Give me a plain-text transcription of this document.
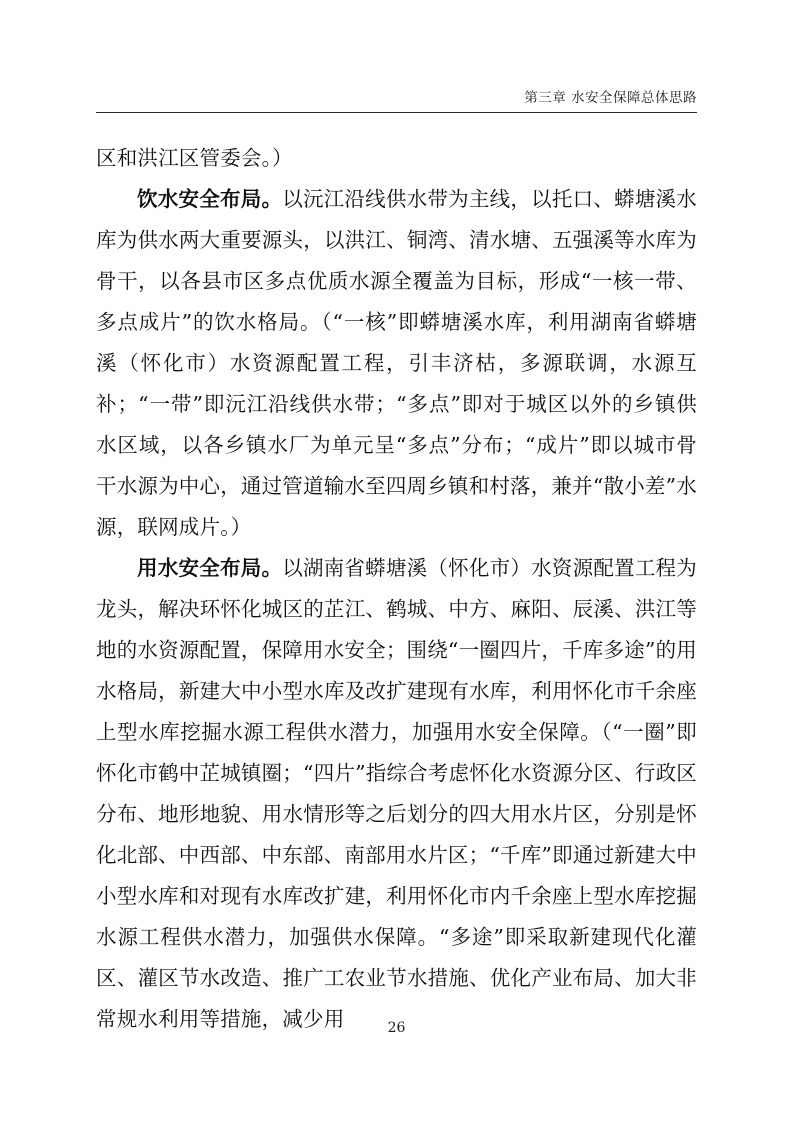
第三章 水安全保障总体思路

区和洪江区管委会。）

饮水安全布局。以沅江沿线供水带为主线，以托口、蟒塘溪水库为供水两大重要源头，以洪江、铜湾、清水塘、五强溪等水库为骨干，以各县市区多点优质水源全覆盖为目标，形成“一核一带、多点成片”的饮水格局。（“一核”即蟒塘溪水库，利用湖南省蟒塘溪（怀化市）水资源配置工程，引丰济枯，多源联调，水源互补；“一带”即沅江沿线供水带；“多点”即对于城区以外的乡镇供水区域，以各乡镇水厂为单元呈“多点”分布；“成片”即以城市骨干水源为中心，通过管道输水至四周乡镇和村落，兼并“散小差”水源，联网成片。）

用水安全布局。以湖南省蟒塘溪（怀化市）水资源配置工程为龙头，解决环怀化城区的芷江、鹤城、中方、麻阳、辰溪、洪江等地的水资源配置，保障用水安全；围绕“一圈四片，千库多途”的用水格局，新建大中小型水库及改扩建现有水库，利用怀化市千余座上型水库挖掘水源工程供水潜力，加强用水安全保障。（“一圈”即怀化市鹤中芷城镇圈；“四片”指综合考虑怀化水资源分区、行政区分布、地形地貌、用水情形等之后划分的四大用水片区，分别是怀化北部、中西部、中东部、南部用水片区；“千库”即通过新建大中小型水库和对现有水库改扩建，利用怀化市内千余座上型水库挖掘水源工程供水潜力，加强供水保障。“多途”即采取新建现代化灌区、灌区节水改造、推广工农业节水措施、优化产业布局、加大非常规水利用等措施，减少用	26
